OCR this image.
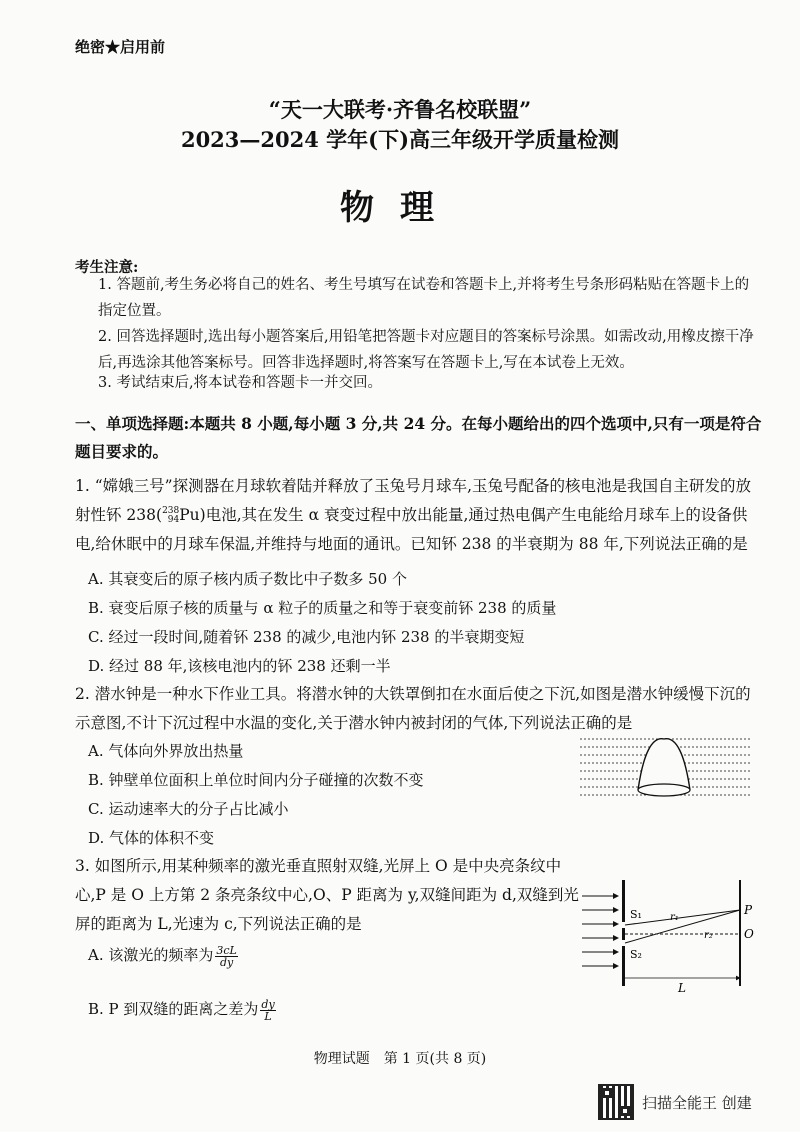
绝密★启用前
“天一大联考·齐鲁名校联盟”
2023—2024 学年(下)高三年级开学质量检测
物理
考生注意:
1. 答题前,考生务必将自己的姓名、考生号填写在试卷和答题卡上,并将考生号条形码粘贴在答题卡上的指定位置。
2. 回答选择题时,选出每小题答案后,用铅笔把答题卡对应题目的答案标号涂黑。如需改动,用橡皮擦干净后,再选涂其他答案标号。回答非选择题时,将答案写在答题卡上,写在本试卷上无效。
3. 考试结束后,将本试卷和答题卡一并交回。
一、单项选择题:本题共 8 小题,每小题 3 分,共 24 分。在每小题给出的四个选项中,只有一项是符合题目要求的。
1. “嫦娥三号”探测器在月球软着陆并释放了玉兔号月球车,玉兔号配备的核电池是我国自主研发的放射性钚 238( 238
94 Pu)电池,其在发生 α 衰变过程中放出能量,通过热电偶产生电能给月球车上的设备供电,给休眠中的月球车保温,并维持与地面的通讯。已知钚 238 的半衰期为 88 年,下列说法正确的是
A. 其衰变后的原子核内质子数比中子数多 50 个
B. 衰变后原子核的质量与 α 粒子的质量之和等于衰变前钚 238 的质量
C. 经过一段时间,随着钚 238 的减少,电池内钚 238 的半衰期变短
D. 经过 88 年,该核电池内的钚 238 还剩一半
2. 潜水钟是一种水下作业工具。将潜水钟的大铁罩倒扣在水面后使之下沉,如图是潜水钟缓慢下沉的示意图,不计下沉过程中水温的变化,关于潜水钟内被封闭的气体,下列说法正确的是
A. 气体向外界放出热量
B. 钟壁单位面积上单位时间内分子碰撞的次数不变
C. 运动速率大的分子占比减小
D. 气体的体积不变
3. 如图所示,用某种频率的激光垂直照射双缝,光屏上 O 是中央亮条纹中心,P 是 O 上方第 2 条亮条纹中心,O、P 距离为 y,双缝间距为 d,双缝到光屏的距离为 L,光速为 c,下列说法正确的是
A. 该激光的频率为 $\frac{3cL}{dy}$
B. P 到双缝的距离之差为 $\frac{dy}{L}$
S₁
S₂
r₁
r₂
P
O
L
物理试题　第 1 页(共 8 页)
扫描全能王 创建
